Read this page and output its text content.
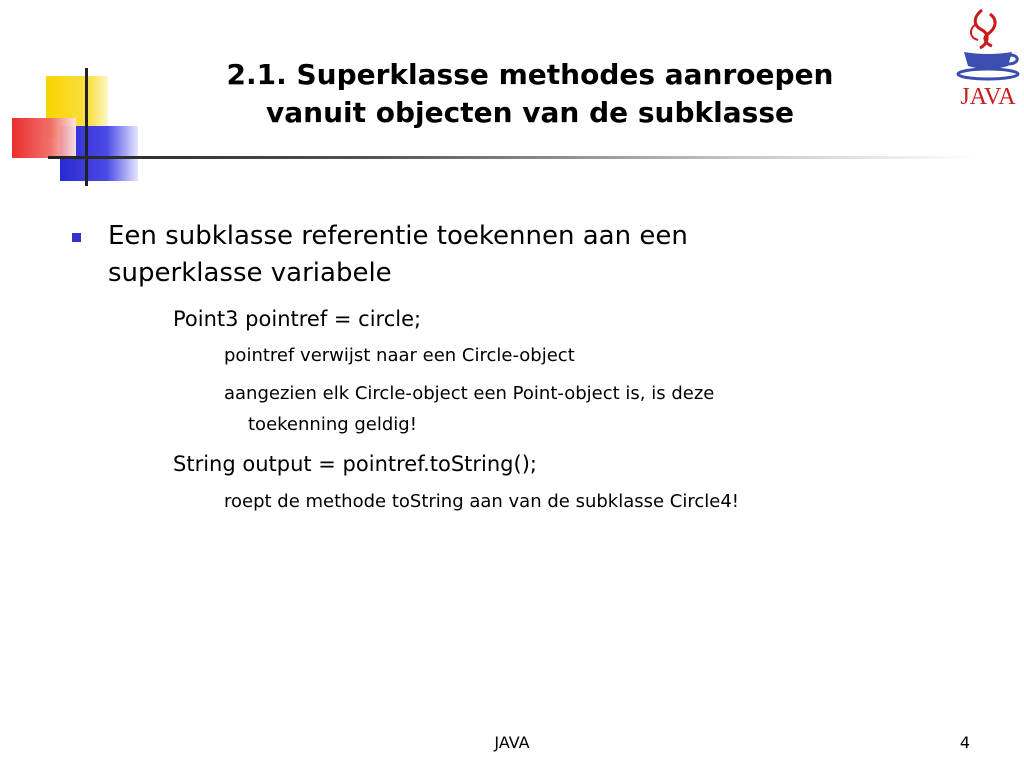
2.1. Superklasse methodes aanroepen
vanuit objecten van de subklasse	JAVA
Een subklasse referentie toekennen aan een
superklasse variabele
Point3 pointref = circle;
pointref verwijst naar een Circle-object
aangezien elk Circle-object een Point-object is, is deze
toekenning geldig!
String output = pointref.toString();
roept de methode toString aan van de subklasse Circle4!
JAVA	4
